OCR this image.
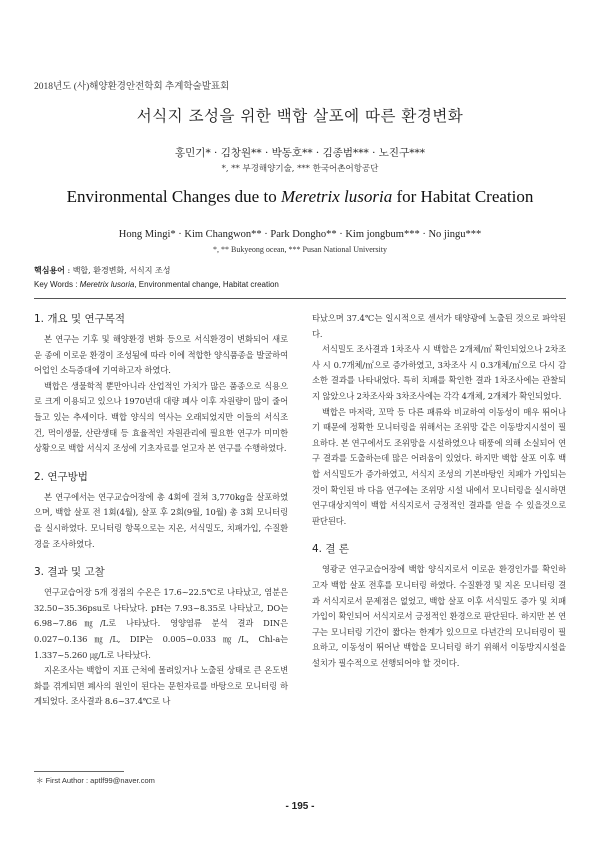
2018년도 (사)해양환경안전학회 추계학술발표회
서식지 조성을 위한 백합 살포에 따른 환경변화
홍민기* · 김창원** · 박동호** · 김종범*** · 노진구***
*, ** 부경해양기술, *** 한국어촌어항공단
Environmental Changes due to Meretrix lusoria for Habitat Creation
Hong Mingi* · Kim Changwon** · Park Dongho** · Kim jongbum*** · No jingu***
*, ** Bukyeong ocean, *** Pusan National University
핵심용어 : 백합, 환경변화, 서식지 조성
Key Words : Meretrix lusoria, Environmental change, Habitat creation
1. 개요 및 연구목적

본 연구는 기후 및 해양환경 변화 등으로 서식환경이 변화되어 새로운 종에 이로운 환경이 조성됨에 따라 이에 적합한 양식품종을 발굴하여 어업인 소득증대에 기여하고자 하였다.

백합은 생물학적 뿐만아니라 산업적인 가치가 많은 품종으로 식용으로 크게 이용되고 있으나 1970년대 대량 폐사 이후 자원량이 많이 줄어들고 있는 추세이다. 백합 양식의 역사는 오래되었지만 이들의 서식조건, 먹이생물, 산란생태 등 효율적인 자원관리에 필요한 연구가 미미한 상황으로 백합 서식지 조성에 기초자료를 얻고자 본 연구를 수행하였다.

2. 연구방법

본 연구에서는 연구교습어장에 총 4회에 걸쳐 3,770kg을 살포하였으며, 백합 살포 전 1회(4월), 살포 후 2회(9월, 10월) 총 3회 모니터링을 실시하였다. 모니터링 항목으로는 지온, 서식밀도, 치패가입, 수질환경을 조사하였다.

3. 결과 및 고찰

연구교습어장 5개 정점의 수온은 17.6~22.5℃로 나타났고, 염분은 32.50~35.36psu로 나타났다. pH는 7.93~8.35로 나타났고, DO는 6.98~7.86㎎/L로 나타났다. 영양염류 분석 결과 DIN은 0.027~0.136㎎/L, DIP는 0.005~0.033㎎/L, Chl-a는 1.337~5.260 ㎍/L로 나타났다.

지온조사는 백합이 지표 근처에 몰려있거나 노출된 상태로 큰 온도변화를 겪게되면 폐사의 원인이 된다는 문헌자료를 바탕으로 모니터링 하게되었다. 조사결과 8.6~37.4℃로 나

타났으며 37.4℃는 일시적으로 센서가 태양광에 노출된 것으로 파악된다.

서식밀도 조사결과 1차조사 시 백합은 2개체/㎡ 확인되었으나 2차조사 시 0.7개체/㎡으로 증가하였고, 3차조사 시 0.3개체/㎡으로 다시 감소한 결과를 나타내었다. 특히 치패를 확인한 결과 1차조사에는 관찰되지 않았으나 2차조사와 3차조사에는 각각 4개체, 2개체가 확인되었다.

백합은 마저락, 꼬막 등 다른 패류와 비교하여 이동성이 매우 뛰어나기 때문에 정확한 모니터링을 위해서는 조위망 같은 이동방지시설이 필요하다. 본 연구에서도 조위망을 시설하였으나 태풍에 의해 소실되어 연구 결과를 도출하는데 많은 어려움이 있었다. 하지만 백합 살포 이후 백합 서식밀도가 증가하였고, 서식지 조성의 기본바탕인 치패가 가입되는 것이 확인된 바 다음 연구에는 조위망 시설 내에서 모니터링을 실시하면 연구대상지역이 백합 서식지로서 긍정적인 결과를 얻을 수 있을것으로 판단된다.

4. 결 론

영광군 연구교습어장에 백합 양식지로서 이로운 환경인가를 확인하고자 백합 살포 전후를 모니터링 하였다. 수질환경 및 지온 모니터링 결과 서식지로서 문제점은 없었고, 백합 살포 이후 서식밀도 증가 및 치패 가입이 확인되어 서식지로서 긍정적인 환경으로 판단된다. 하지만 본 연구는 모니터링 기간이 짧다는 한계가 있으므로 다년간의 모니터링이 필요하고, 이동성이 뛰어난 백합을 모니터링 하기 위해서 이동방지시설을 설치가 필수적으로 선행되어야 할 것이다.

＊ First Author : aptlf99@naver.com
- 195 -
